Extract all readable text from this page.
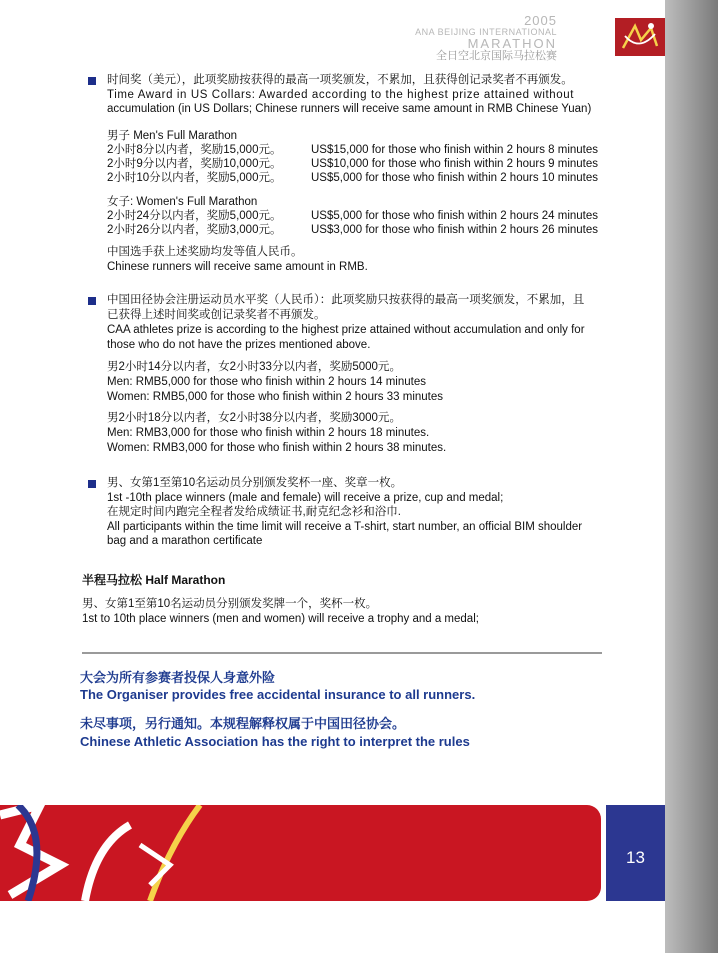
2005
ANA BEIJING INTERNATIONAL
MARATHON
全日空北京国际马拉松赛
时间奖（美元），此项奖励按获得的最高一项奖颁发，不累加，且获得创记录奖者不再颁发。
Time Award in US Collars: Awarded according to the highest prize attained without
accumulation (in US Dollars; Chinese runners will receive same amount in RMB Chinese Yuan)
男子 Men's Full Marathon
2小时8分以内者，奖励15,000元。	US$15,000 for those who finish within 2 hours 8 minutes
2小时9分以内者，奖励10,000元。	US$10,000 for those who finish within 2 hours 9 minutes
2小时10分以内者，奖励5,000元。	US$5,000 for those who finish within 2 hours 10 minutes
女子: Women's Full Marathon
2小时24分以内者，奖励5,000元。	US$5,000 for those who finish within 2 hours 24 minutes
2小时26分以内者，奖励3,000元。	US$3,000 for those who finish within 2 hours 26 minutes
中国选手获上述奖励均发等值人民币。
Chinese runners will receive same amount in RMB.
中国田径协会注册运动员水平奖（人民币）：此项奖励只按获得的最高一项奖颁发，不累加，且
已获得上述时间奖或创记录奖者不再颁发。
CAA athletes prize is according to the highest prize attained without accumulation and only for
those who do not have the prizes mentioned above.
男2小时14分以内者，女2小时33分以内者，奖励5000元。
Men: RMB5,000 for those who finish within 2 hours 14 minutes
Women: RMB5,000 for those who finish within 2 hours 33 minutes
男2小时18分以内者，女2小时38分以内者，奖励3000元。
Men: RMB3,000 for those who finish within 2 hours 18 minutes.
Women: RMB3,000 for those who finish within 2 hours 38 minutes.
男、女第1至第10名运动员分别颁发奖杯一座、奖章一枚。
1st -10th place winners (male and female) will receive a prize, cup and medal;
在规定时间内跑完全程者发给成绩证书,耐克纪念衫和浴巾.
All participants within the time limit will receive a T-shirt, start number, an official BIM shoulder
bag and a marathon certificate
半程马拉松 Half Marathon
男、女第1至第10名运动员分别颁发奖牌一个，奖杯一枚。
1st to 10th place winners (men and women) will receive a trophy and a medal;
大会为所有参赛者投保人身意外险
The Organiser provides free accidental insurance to all runners.
未尽事项，另行通知。本规程解释权属于中国田径协会。
Chinese Athletic Association has the right to interpret the rules
13
